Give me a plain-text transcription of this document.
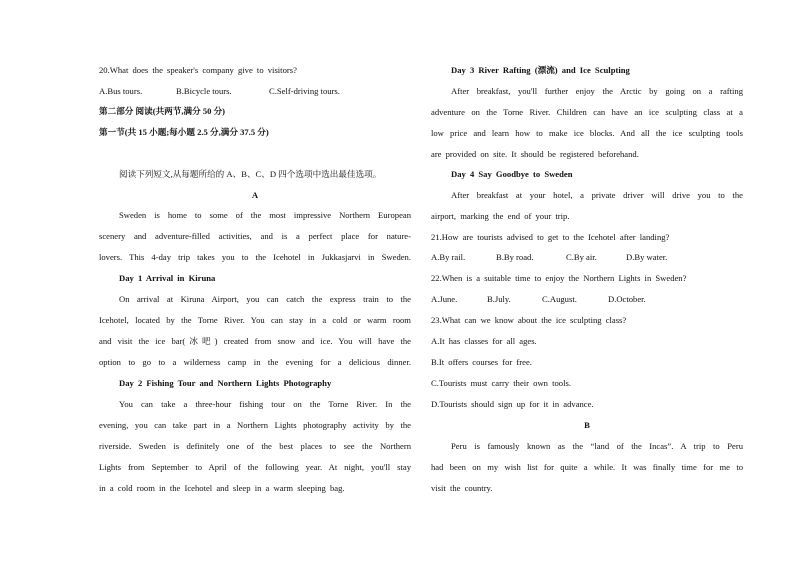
20.What does the speaker's company give to visitors?
A.Bus tours.	B.Bicycle tours.	C.Self-driving tours.
第二部分 阅读(共两节,满分 50 分)
第一节(共 15 小题;每小题 2.5 分,满分 37.5 分)
阅读下列短文,从每题所给的 A、B、C、D 四个选项中选出最佳选项。
A
Sweden is home to some of the most impressive Northern European
scenery and adventure-filled activities, and is a perfect place for nature-
lovers. This 4-day trip takes you to the Icehotel in Jukkasjarvi in Sweden.
Day 1 Arrival in Kiruna
On arrival at Kiruna Airport, you can catch the express train to the
Icehotel, located by the Torne River. You can stay in a cold or warm room
and visit the ice bar(冰吧) created from snow and ice. You will have the
option to go to a wilderness camp in the evening for a delicious dinner.
Day 2 Fishing Tour and Northern Lights Photography
You can take a three-hour fishing tour on the Torne River. In the
evening, you can take part in a Northern Lights photography activity by the
riverside. Sweden is definitely one of the best places to see the Northern
Lights from September to April of the following year. At night, you'll stay
in a cold room in the Icehotel and sleep in a warm sleeping bag.
Day 3 River Rafting (漂流) and Ice Sculpting
After breakfast, you'll further enjoy the Arctic by going on a rafting
adventure on the Torne River. Children can have an ice sculpting class at a
low price and learn how to make ice blocks. And all the ice sculpting tools
are provided on site. It should be registered beforehand.
Day 4 Say Goodbye to Sweden
After breakfast at your hotel, a private driver will drive you to the
airport, marking the end of your trip.
21.How are tourists advised to get to the Icehotel after landing?
A.By rail.	B.By road.	C.By air.	D.By water.
22.When is a suitable time to enjoy the Northern Lights in Sweden?
A.June.	B.July.	C.August.	D.October.
23.What can we know about the ice sculpting class?
A.It has classes for all ages.
B.It offers courses for free.
C.Tourists must carry their own tools.
D.Tourists should sign up for it in advance.
B
Peru is famously known as the “land of the Incas”. A trip to Peru
had been on my wish list for quite a while. It was finally time for me to
visit the country.
